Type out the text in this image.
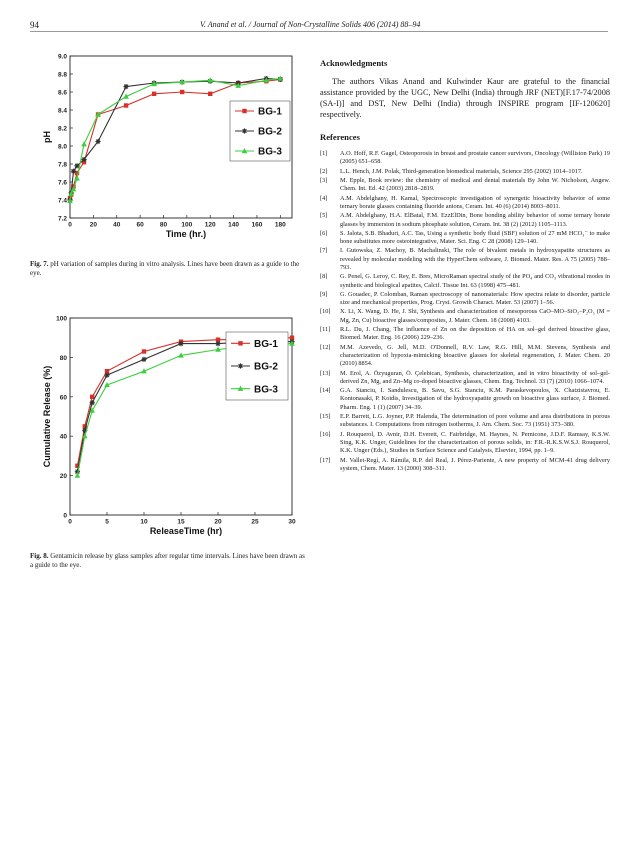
94	V. Anand et al. / Journal of Non-Crystalline Solids 406 (2014) 88–94
7.2
7.4
7.6
7.8
8.0
8.2
8.4
8.6
8.8
9.0
0	20 40 60 80 100 120 140 160 180
Time (hr.)
pH
BG-1
BG-2
BG-3
Fig. 7. pH variation of samples during in vitro analysis. Lines have been drawn as a guide to the eye.
0
20
40
60
80
100
0	5	10	15	20	25	30
ReleaseTime (hr)
Cumulative Release (%)
BG-1
BG-2
BG-3
Fig. 8. Gentamicin release by glass samples after regular time intervals. Lines have been drawn as a guide to the eye.
Acknowledgments

The authors Vikas Anand and Kulwinder Kaur are grateful to the financial assistance provided by the UGC, New Delhi (India) through JRF (NET)[F.17-74/2008 (SA-I)] and DST, New Delhi (India) through INSPIRE program [IF-120620] respectively.

References
[1]	A.O. Hoff, R.F. Gagel, Osteoporosis in breast and prostate cancer survivors, Oncology (Williston Park) 19 (2005) 651–658.
[2]	L.L. Hench, J.M. Polak, Third-generation biomedical materials, Science 295 (2002) 1014–1017.
[3]	M. Epple, Book review: the chemistry of medical and dental materials By John W. Nicholson, Angew. Chem. Int. Ed. 42 (2003) 2818–2819.
[4]	A.M. Abdelghany, H. Kamal, Spectroscopic investigation of synergetic bioactivity behavior of some ternary borate glasses containing fluoride anions, Ceram. Int. 40 (6) (2014) 8003–8011.
[5]	A.M. Abdelghany, H.A. ElBatal, F.M. EzzElDin, Bone bonding ability behavior of some ternary borate glasses by immersion in sodium phosphate solution, Ceram. Int. 38 (2) (2012) 1105–1113.
[6]	S. Jalota, S.B. Bhaduri, A.C. Tas, Using a synthetic body fluid (SBF) solution of 27 mM HCO₃⁻ to make bone substitutes more osteointegrative, Mater. Sci. Eng. C 28 (2008) 129–140.
[7]	I. Gutowska, Z. Machoy, B. Machalinski, The role of bivalent metals in hydroxyapatite structures as revealed by molecular modeling with the HyperChem software, J. Biomed. Mater. Res. A 75 (2005) 788–793.
[8]	G. Penel, G. Leroy, C. Rey, E. Bres, MicroRaman spectral study of the PO₄ and CO₃ vibrational modes in synthetic and biological apatites, Calcif. Tissue Int. 63 (1998) 475–481.
[9]	G. Gouadec, P. Colomban, Raman spectroscopy of nanomaterials: How spectra relate to disorder, particle size and mechanical properties, Prog. Cryst. Growth Charact. Mater. 53 (2007) 1–56.
[10]	X. Li, X. Wang, D. He, J. Shi, Synthesis and characterization of mesoporous CaO–MO–SiO₂–P₂O₅ (M = Mg, Zn, Cu) bioactive glasses/composites, J. Mater. Chem. 18 (2008) 4103.
[11]	R.L. Du, J. Chang, The influence of Zn on the deposition of HA on sol–gel derived bioactive glass, Biomed. Mater. Eng. 16 (2006) 229–236.
[12]	M.M. Azevedo, G. Jell, M.D. O'Donnell, R.V. Law, R.G. Hill, M.M. Stevens, Synthesis and characterization of hypoxia-mimicking bioactive glasses for skeletal regeneration, J. Mater. Chem. 20 (2010) 8854.
[13]	M. Erol, A. Özyuguran, Ö. Çelebican, Synthesis, characterization, and in vitro bioactivity of sol–gel-derived Zn, Mg, and Zn–Mg co-doped bioactive glasses, Chem. Eng. Technol. 33 (7) (2010) 1066–1074.
[14]	G.A. Stanciu, I. Sandulescu, B. Savu, S.G. Stanciu, K.M. Paraskevopoulos, X. Chatzistavrou, E. Kontonasaki, P. Koidis, Investigation of the hydroxyapatite growth on bioactive glass surface, J. Biomed. Pharm. Eng. 1 (1) (2007) 34–39.
[15]	E.P. Barrett, L.G. Joyner, P.P. Halenda, The determination of pore volume and area distributions in porous substances. I. Computations from nitrogen isotherms, J. Am. Chem. Soc. 73 (1951) 373–380.
[16]	J. Rouquerol, D. Avnir, D.H. Everett, C. Fairbridge, M. Haynes, N. Pernicone, J.D.F. Ramsay, K.S.W. Sing, K.K. Unger, Guidelines for the characterization of porous solids, in: F.R.-R.K.S.W.S.J. Rouquerol, K.K. Unger (Eds.), Studies in Surface Science and Catalysis, Elsevier, 1994, pp. 1–9.
[17]	M. Vallet-Regí, A. Rámila, R.P. del Real, J. Pérez-Pariente, A new property of MCM-41 drug delivery system, Chem. Mater. 13 (2000) 308–311.
